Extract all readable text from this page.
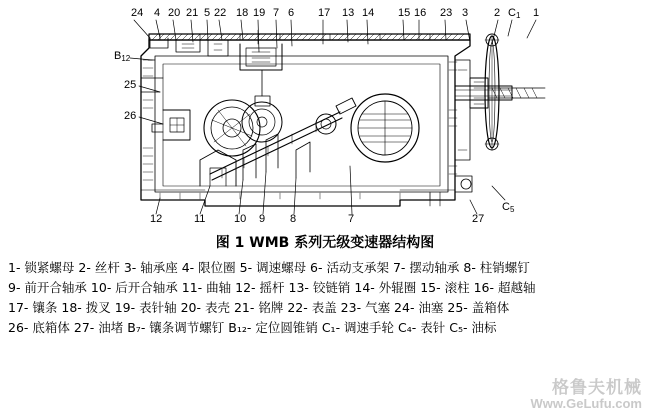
24 4 20 21 5 22 18 19 7 6 17 13 14 15 16 23 3 2 C1 1
C5
B12
25
26
12	11	10 9 8	7	27
图 1 WMB 系列无级变速器结构图
1- 锁紧螺母 2- 丝杆 3- 轴承座 4- 限位圈 5- 调速螺母 6- 活动支承架 7- 摆动轴承 8- 柱销螺钉
9- 前开合轴承 10- 后开合轴承 11- 曲轴 12- 摇杆 13- 铰链销 14- 外辊圈 15- 滚柱 16- 超越轴
17- 镶条 18- 拨叉 19- 表针轴 20- 表壳 21- 铭牌 22- 表盖 23- 气塞 24- 油塞 25- 盖箱体
26- 底箱体 27- 油堵 B₇- 镶条调节螺钉 B₁₂- 定位圆锥销 C₁- 调速手轮 C₄- 表针 C₅- 油标
格鲁夫机械
Www.GeLufu.com
